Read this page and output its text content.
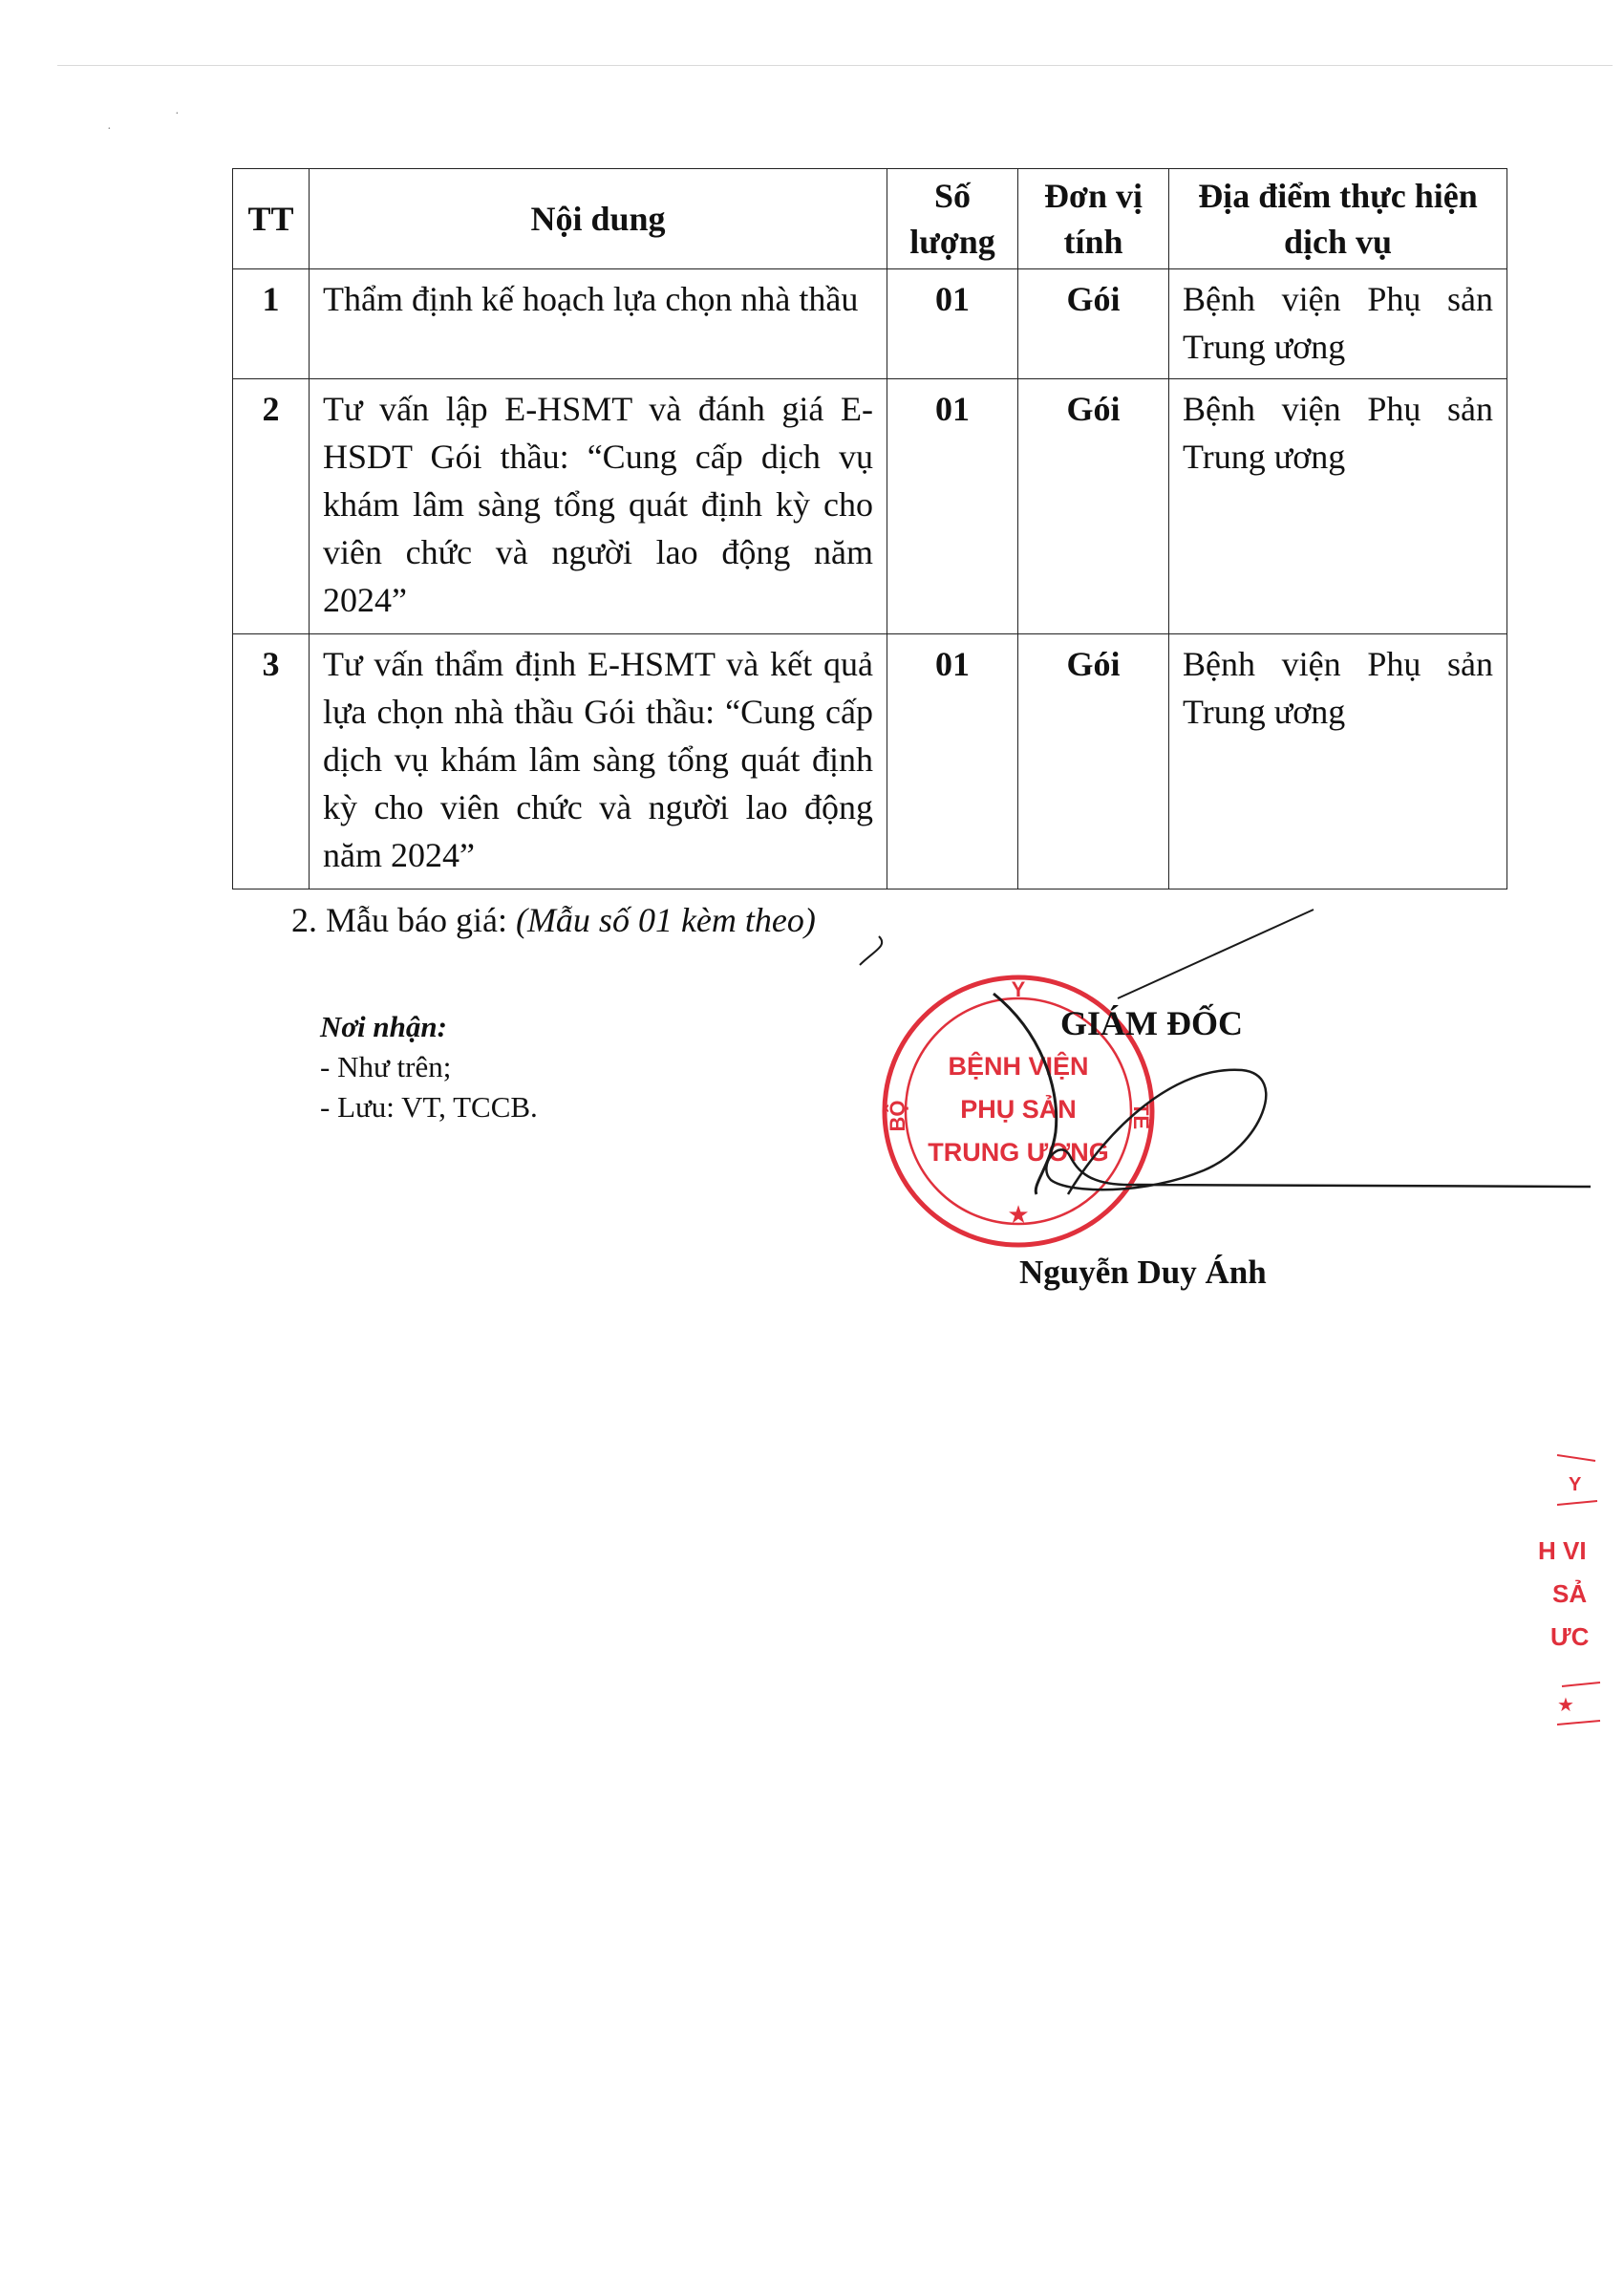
·
·
TT	Nội dung	Số lượng	Đơn vị tính	Địa điểm thực hiện dịch vụ
1	Thẩm định kế hoạch lựa chọn nhà thầu	01	Gói	Bệnh viện Phụ sản Trung ương
2	Tư vấn lập E-HSMT và đánh giá E-HSDT Gói thầu: “Cung cấp dịch vụ khám lâm sàng tổng quát định kỳ cho viên chức và người lao động năm 2024”	01	Gói	Bệnh viện Phụ sản Trung ương
3	Tư vấn thẩm định E-HSMT và kết quả lựa chọn nhà thầu Gói thầu: “Cung cấp dịch vụ khám lâm sàng tổng quát định kỳ cho viên chức và người lao động năm 2024”	01	Gói	Bệnh viện Phụ sản Trung ương
2. Mẫu báo giá: (Mẫu số 01 kèm theo)
Nơi nhận:
- Như trên;
- Lưu: VT, TCCB.
Y
BỘ	TẾ
BỆNH VIỆN
PHỤ SẢN
TRUNG ƯƠNG
★
GIÁM ĐỐC
Nguyễn Duy Ánh
Y
H VI
SẢ
ƯC
★
